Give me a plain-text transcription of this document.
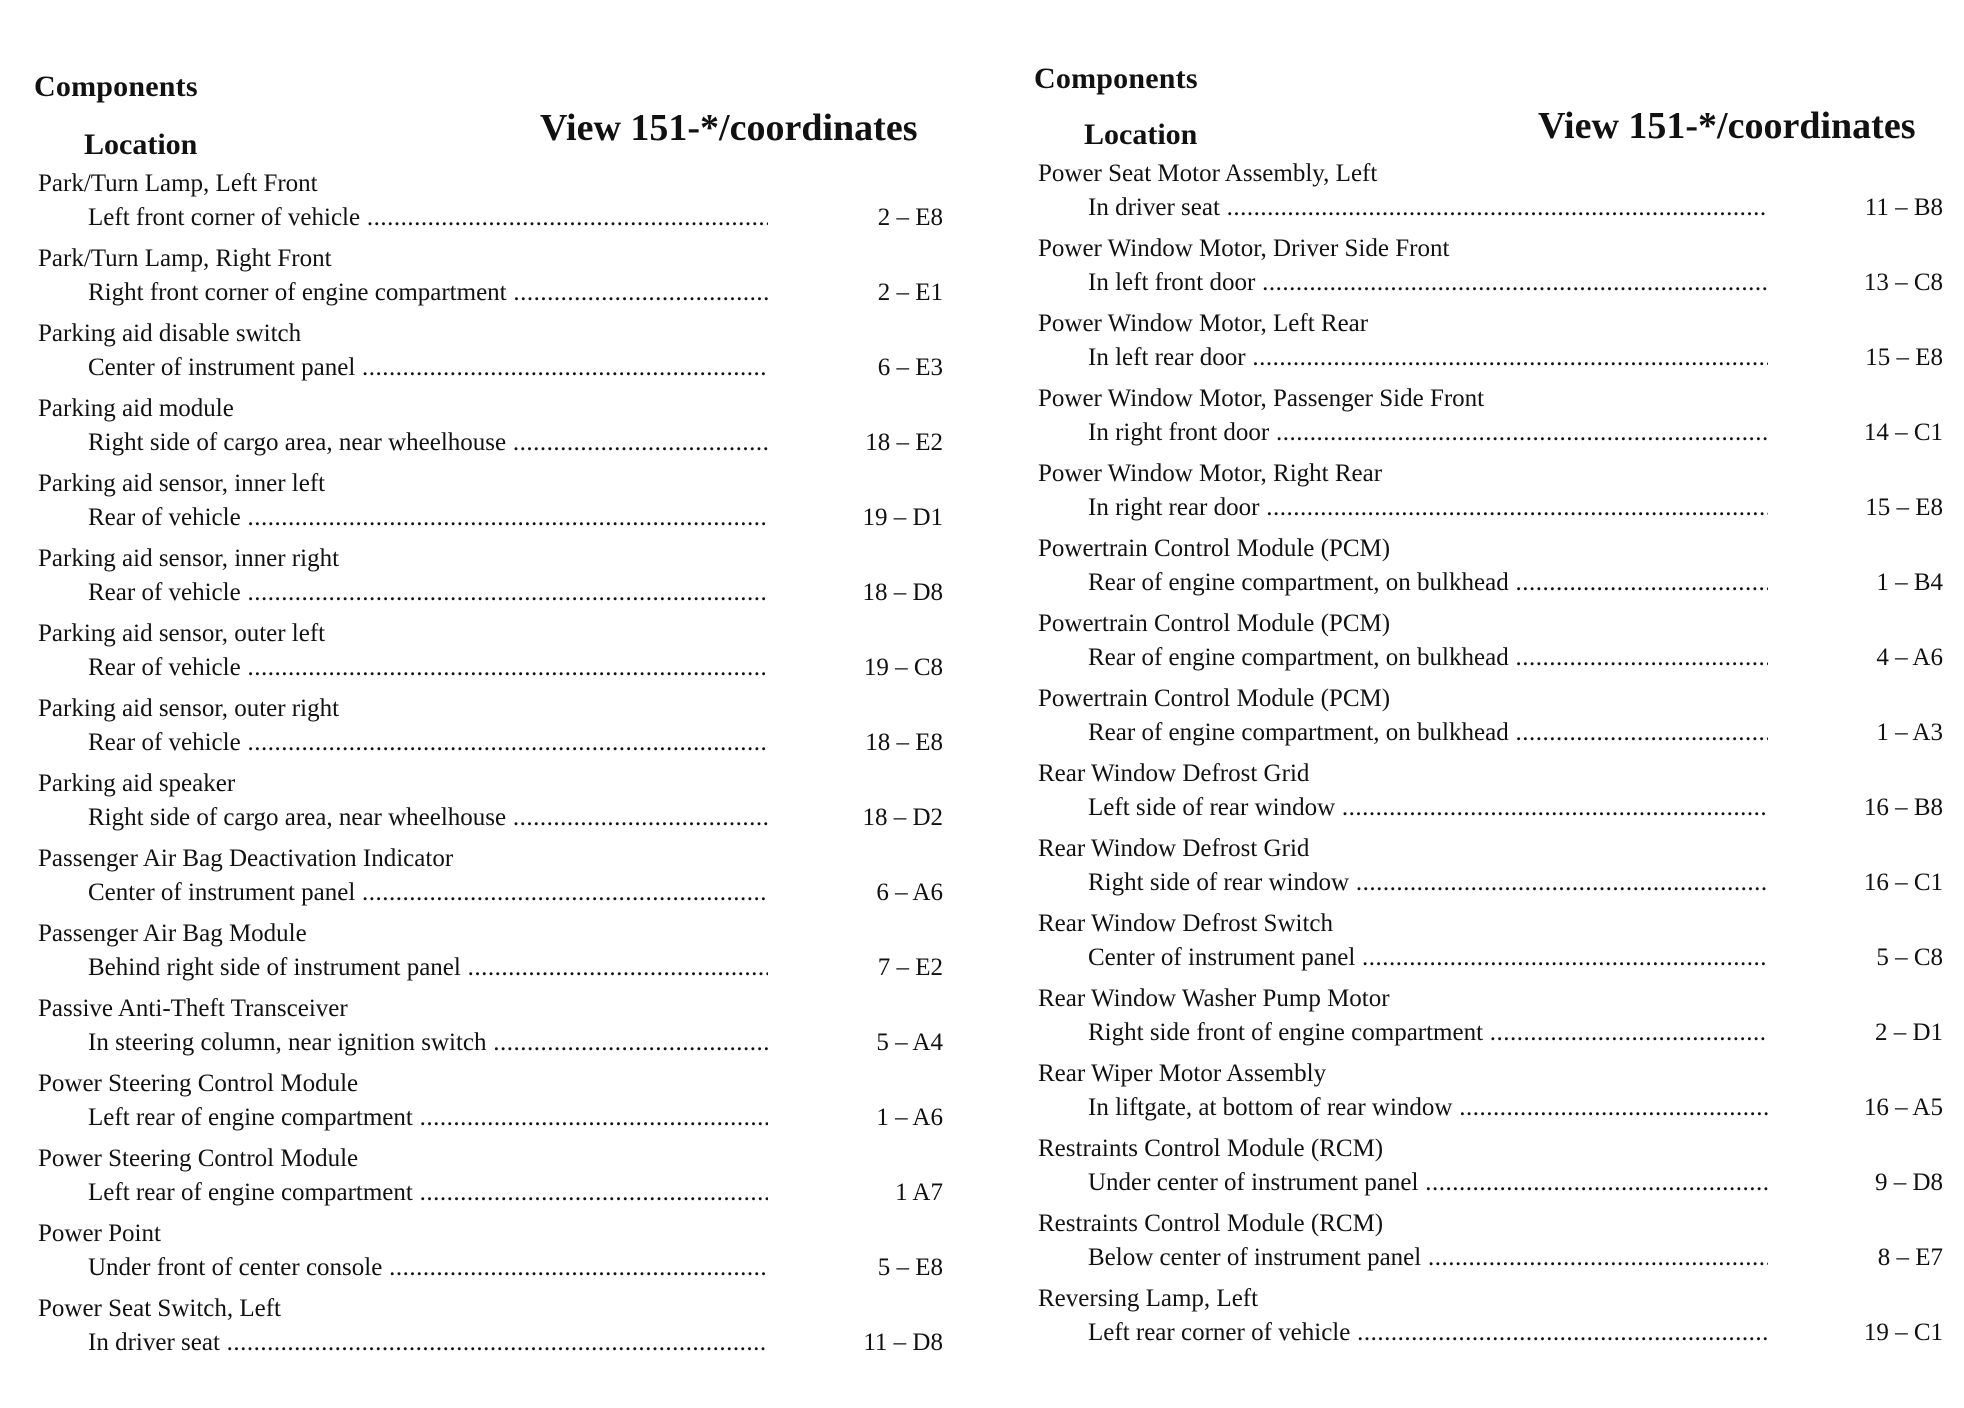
Components
Location	View 151-*/coordinates
Park/Turn Lamp, Left Front
Left front corner of vehicle .....	2 – E8
Park/Turn Lamp, Right Front
Right front corner of engine compartment .....	2 – E1
Parking aid disable switch
Center of instrument panel .....	6 – E3
Parking aid module
Right side of cargo area, near wheelhouse .....	18 – E2
Parking aid sensor, inner left
Rear of vehicle .....	19 – D1
Parking aid sensor, inner right
Rear of vehicle .....	18 – D8
Parking aid sensor, outer left
Rear of vehicle .....	19 – C8
Parking aid sensor, outer right
Rear of vehicle .....	18 – E8
Parking aid speaker
Right side of cargo area, near wheelhouse .....	18 – D2
Passenger Air Bag Deactivation Indicator
Center of instrument panel .....	6 – A6
Passenger Air Bag Module
Behind right side of instrument panel .....	7 – E2
Passive Anti-Theft Transceiver
In steering column, near ignition switch .....	5 – A4
Power Steering Control Module
Left rear of engine compartment .....	1 – A6
Power Steering Control Module
Left rear of engine compartment .....	1 A7
Power Point
Under front of center console .....	5 – E8
Power Seat Switch, Left
In driver seat .....	11 – D8
Components
Location	View 151-*/coordinates
Power Seat Motor Assembly, Left
In driver seat .....	11 – B8
Power Window Motor, Driver Side Front
In left front door .....	13 – C8
Power Window Motor, Left Rear
In left rear door .....	15 – E8
Power Window Motor, Passenger Side Front
In right front door .....	14 – C1
Power Window Motor, Right Rear
In right rear door .....	15 – E8
Powertrain Control Module (PCM)
Rear of engine compartment, on bulkhead .....	1 – B4
Powertrain Control Module (PCM)
Rear of engine compartment, on bulkhead .....	4 – A6
Powertrain Control Module (PCM)
Rear of engine compartment, on bulkhead .....	1 – A3
Rear Window Defrost Grid
Left side of rear window .....	16 – B8
Rear Window Defrost Grid
Right side of rear window .....	16 – C1
Rear Window Defrost Switch
Center of instrument panel .....	5 – C8
Rear Window Washer Pump Motor
Right side front of engine compartment .....	2 – D1
Rear Wiper Motor Assembly
In liftgate, at bottom of rear window .....	16 – A5
Restraints Control Module (RCM)
Under center of instrument panel .....	9 – D8
Restraints Control Module (RCM)
Below center of instrument panel .....	8 – E7
Reversing Lamp, Left
Left rear corner of vehicle .....	19 – C1
